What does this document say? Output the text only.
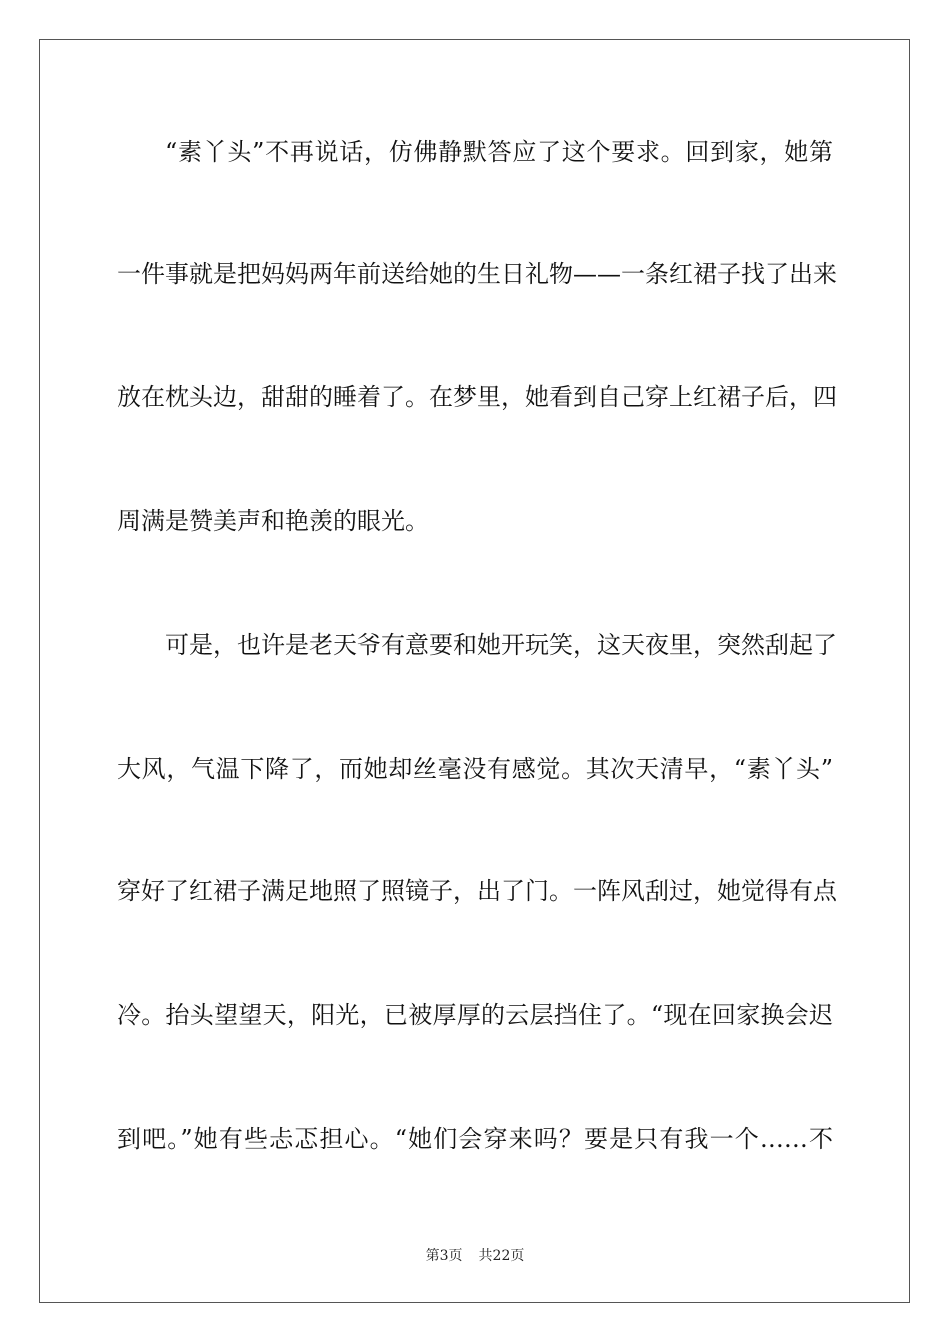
“素丫头”不再说话，仿佛静默答应了这个要求。回到家，她第
一件事就是把妈妈两年前送给她的生日礼物——一条红裙子找了出来
放在枕头边，甜甜的睡着了。在梦里，她看到自己穿上红裙子后，四
周满是赞美声和艳羡的眼光。
可是，也许是老天爷有意要和她开玩笑，这天夜里，突然刮起了
大风，气温下降了，而她却丝毫没有感觉。其次天清早，“素丫头”
穿好了红裙子满足地照了照镜子，出了门。一阵风刮过，她觉得有点
冷。抬头望望天，阳光，已被厚厚的云层挡住了。“现在回家换会迟
到吧。”她有些忐忑担心。“她们会穿来吗？要是只有我一个……不
第3页 共22页
